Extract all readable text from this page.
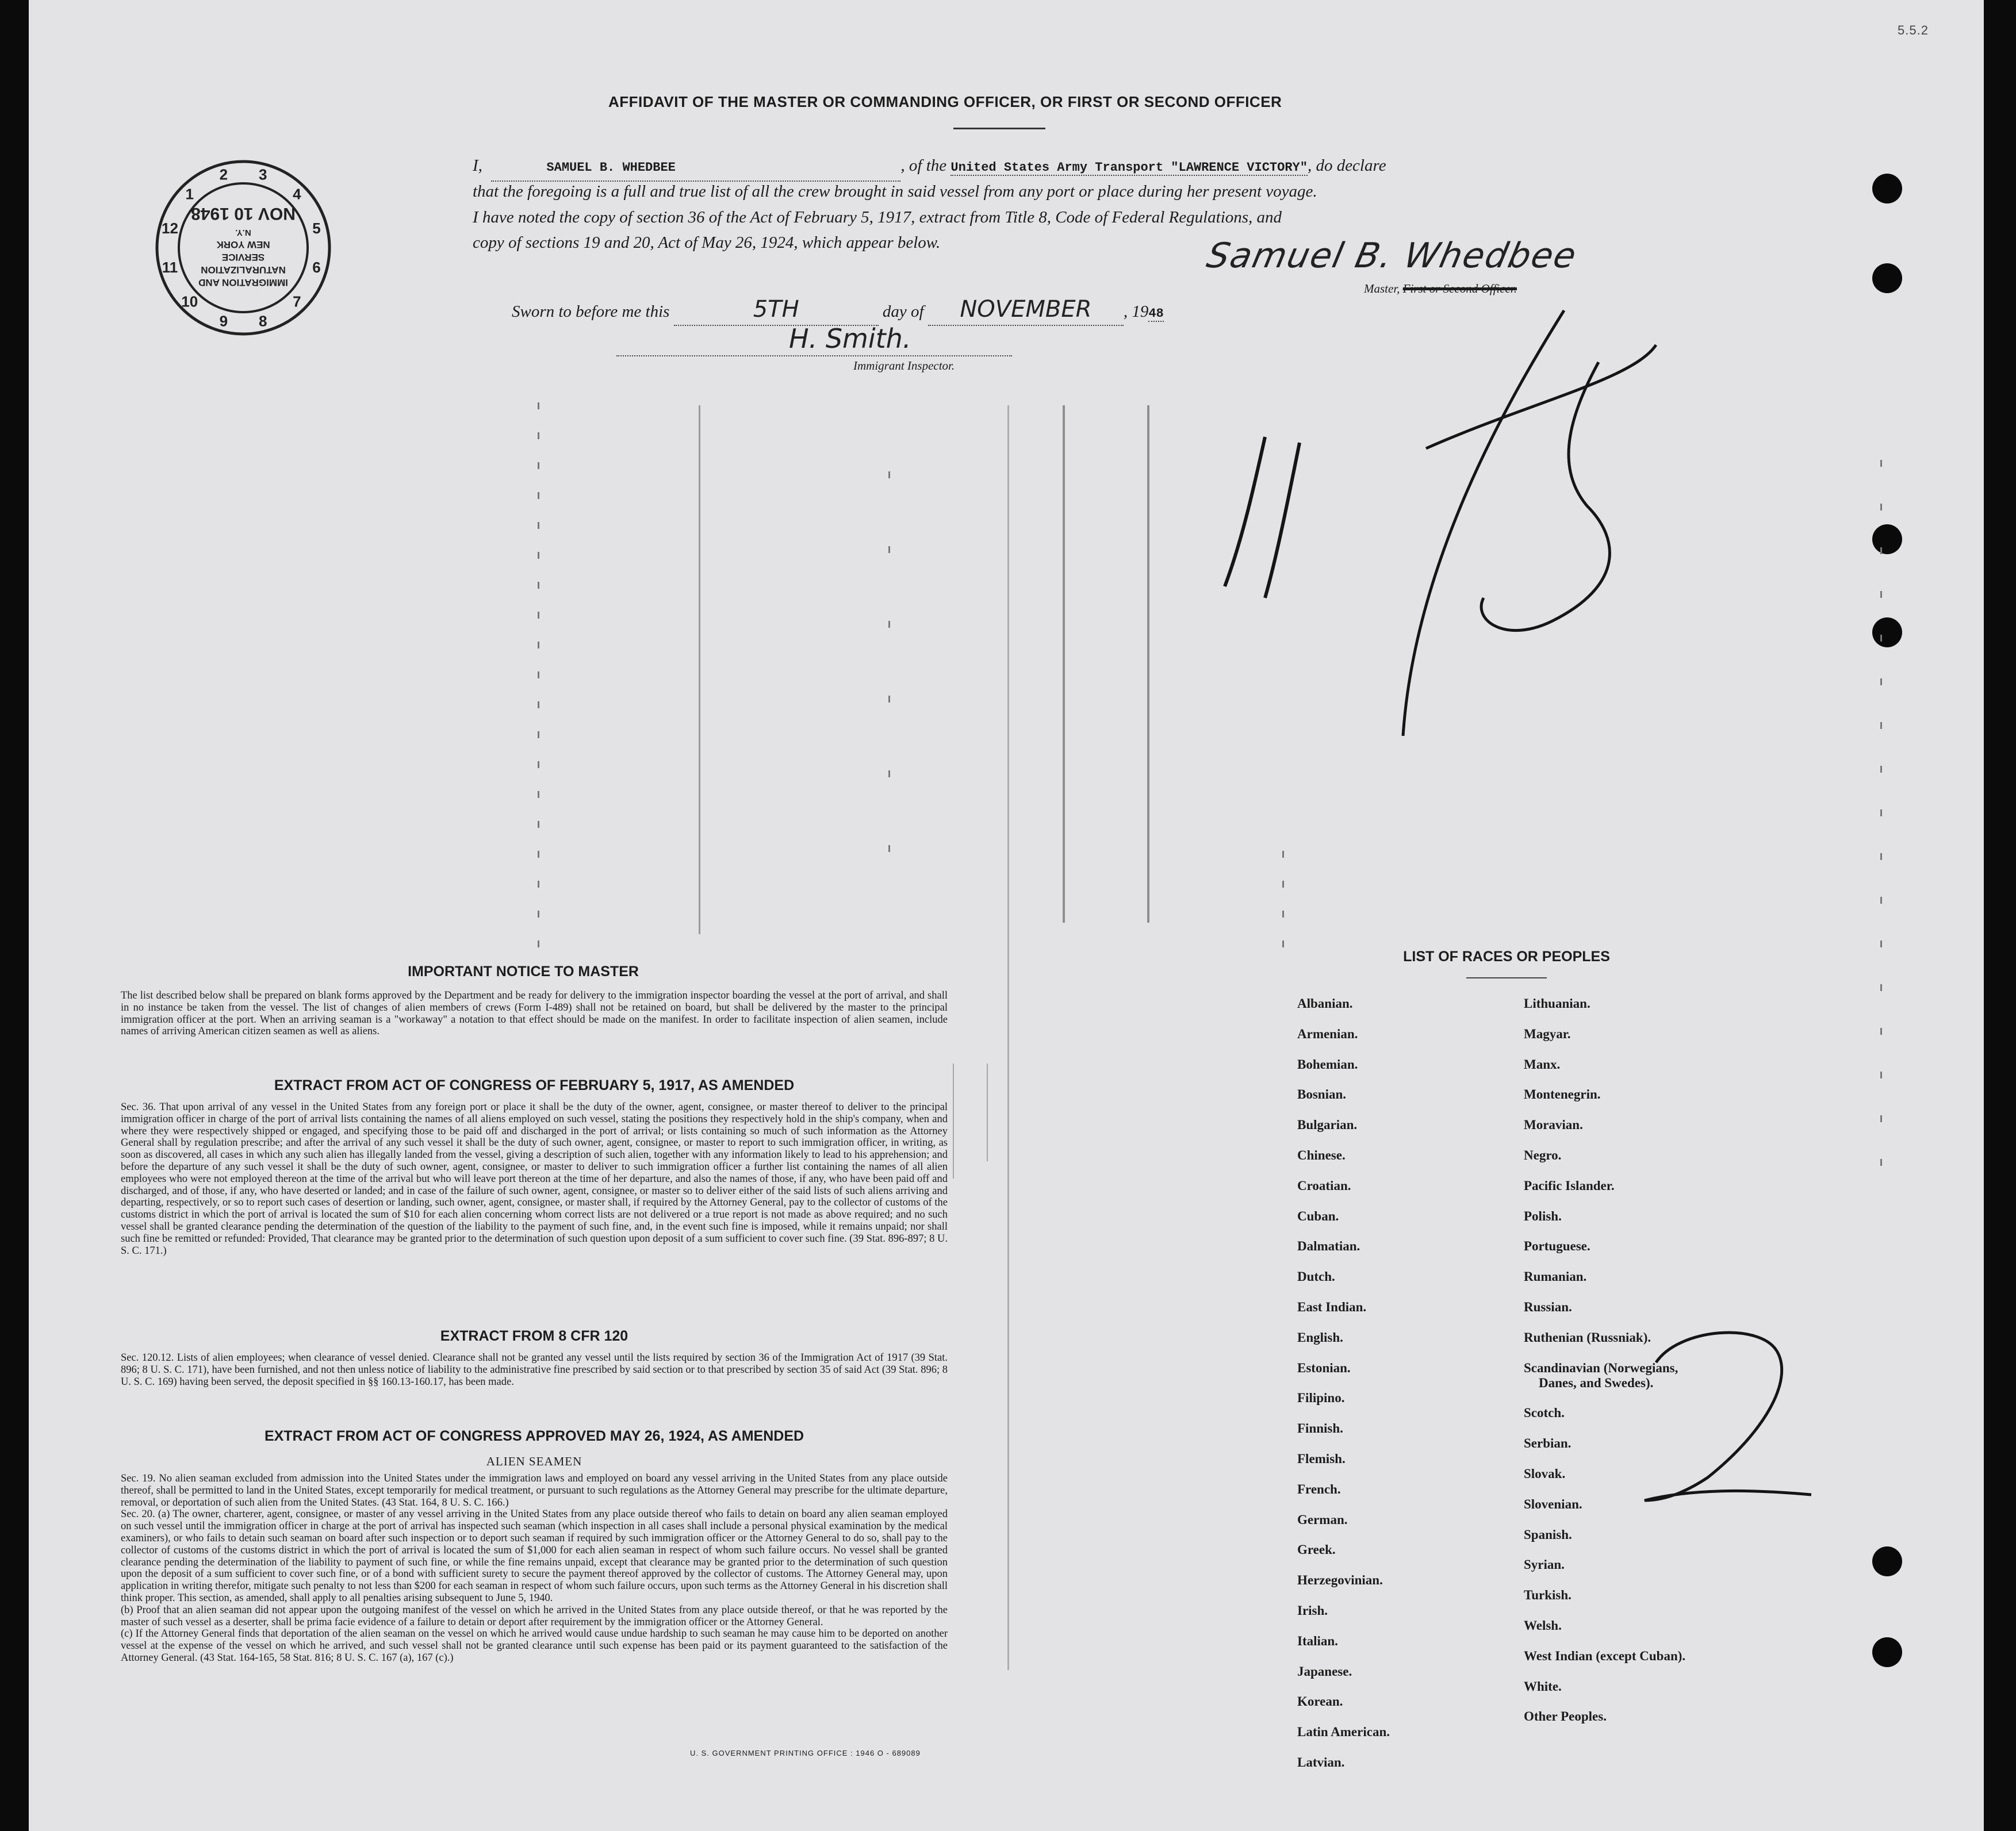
5.5.2
AFFIDAVIT OF THE MASTER OR COMMANDING OFFICER, OR FIRST OR SECOND OFFICER
1
2 3
4
5
6
7
8
9
10
11
12
IMMIGRATION AND
NATURALIZATION
SERVICE
NEW YORK
N.Y.
NOV 10 1948
I,	SAMUEL B. WHEDBEE	, of the United States Army Transport "LAWRENCE VICTORY", do declare
that the foregoing is a full and true list of all the crew brought in said vessel from any port or place during her present voyage.
I have noted the copy of section 36 of the Act of February 5, 1917, extract from Title 8, Code of Federal Regulations, and
copy of sections 19 and 20, Act of May 26, 1924, which appear below.	Samuel B. Whedbee
Master, First or Second Officer.
Sworn to before me this	5TH	day of NOVEMBER , 1948
H. Smith.
Immigrant Inspector.
IMPORTANT NOTICE TO MASTER
The list described below shall be prepared on blank forms approved by the Department and be ready for delivery to the immigration inspector boarding the vessel at the port of arrival, and shall in no instance be taken from the vessel. The list of changes of alien members of crews (Form I-489) shall not be retained on board, but shall be delivered by the master to the principal immigration officer at the port. When an arriving seaman is a "workaway" a notation to that effect should be made on the manifest. In order to facilitate inspection of alien seamen, include names of arriving American citizen seamen as well as aliens.
EXTRACT FROM ACT OF CONGRESS OF FEBRUARY 5, 1917, AS AMENDED
Sec. 36. That upon arrival of any vessel in the United States from any foreign port or place it shall be the duty of the owner, agent, consignee, or master thereof to deliver to the principal immigration officer in charge of the port of arrival lists containing the names of all aliens employed on such vessel, stating the positions they respectively hold in the ship's company, when and where they were respectively shipped or engaged, and specifying those to be paid off and discharged in the port of arrival; or lists containing so much of such information as the Attorney General shall by regulation prescribe; and after the arrival of any such vessel it shall be the duty of such owner, agent, consignee, or master to report to such immigration officer, in writing, as soon as discovered, all cases in which any such alien has illegally landed from the vessel, giving a description of such alien, together with any information likely to lead to his apprehension; and before the departure of any such vessel it shall be the duty of such owner, agent, consignee, or master to deliver to such immigration officer a further list containing the names of all alien employees who were not employed thereon at the time of the arrival but who will leave port thereon at the time of her departure, and also the names of those, if any, who have been paid off and discharged, and of those, if any, who have deserted or landed; and in case of the failure of such owner, agent, consignee, or master so to deliver either of the said lists of such aliens arriving and departing, respectively, or so to report such cases of desertion or landing, such owner, agent, consignee, or master shall, if required by the Attorney General, pay to the collector of customs of the customs district in which the port of arrival is located the sum of $10 for each alien concerning whom correct lists are not delivered or a true report is not made as above required; and no such vessel shall be granted clearance pending the determination of the question of the liability to the payment of such fine, and, in the event such fine is imposed, while it remains unpaid; nor shall such fine be remitted or refunded: Provided, That clearance may be granted prior to the determination of such question upon deposit of a sum sufficient to cover such fine. (39 Stat. 896-897; 8 U. S. C. 171.)
EXTRACT FROM 8 CFR 120
Sec. 120.12. Lists of alien employees; when clearance of vessel denied. Clearance shall not be granted any vessel until the lists required by section 36 of the Immigration Act of 1917 (39 Stat. 896; 8 U. S. C. 171), have been furnished, and not then unless notice of liability to the administrative fine prescribed by said section or to that prescribed by section 35 of said Act (39 Stat. 896; 8 U. S. C. 169) having been served, the deposit specified in §§ 160.13-160.17, has been made.
EXTRACT FROM ACT OF CONGRESS APPROVED MAY 26, 1924, AS AMENDED
ALIEN SEAMEN
Sec. 19. No alien seaman excluded from admission into the United States under the immigration laws and employed on board any vessel arriving in the United States from any place outside thereof, shall be permitted to land in the United States, except temporarily for medical treatment, or pursuant to such regulations as the Attorney General may prescribe for the ultimate departure, removal, or deportation of such alien from the United States. (43 Stat. 164, 8 U. S. C. 166.)
Sec. 20. (a) The owner, charterer, agent, consignee, or master of any vessel arriving in the United States from any place outside thereof who fails to detain on board any alien seaman employed on such vessel until the immigration officer in charge at the port of arrival has inspected such seaman (which inspection in all cases shall include a personal physical examination by the medical examiners), or who fails to detain such seaman on board after such inspection or to deport such seaman if required by such immigration officer or the Attorney General to do so, shall pay to the collector of customs of the customs district in which the port of arrival is located the sum of $1,000 for each alien seaman in respect of whom such failure occurs. No vessel shall be granted clearance pending the determination of the liability to payment of such fine, or while the fine remains unpaid, except that clearance may be granted prior to the determination of such question upon the deposit of a sum sufficient to cover such fine, or of a bond with sufficient surety to secure the payment thereof approved by the collector of customs. The Attorney General may, upon application in writing therefor, mitigate such penalty to not less than $200 for each seaman in respect of whom such failure occurs, upon such terms as the Attorney General in his discretion shall think proper. This section, as amended, shall apply to all penalties arising subsequent to June 5, 1940.
(b) Proof that an alien seaman did not appear upon the outgoing manifest of the vessel on which he arrived in the United States from any place outside thereof, or that he was reported by the master of such vessel as a deserter, shall be prima facie evidence of a failure to detain or deport after requirement by the immigration officer or the Attorney General.
(c) If the Attorney General finds that deportation of the alien seaman on the vessel on which he arrived would cause undue hardship to such seaman he may cause him to be deported on another vessel at the expense of the vessel on which he arrived, and such vessel shall not be granted clearance until such expense has been paid or its payment guaranteed to the satisfaction of the Attorney General. (43 Stat. 164-165, 58 Stat. 816; 8 U. S. C. 167 (a), 167 (c).)
U. S. GOVERNMENT PRINTING OFFICE : 1946 O - 689089
LIST OF RACES OR PEOPLES
Albanian.
Armenian.
Bohemian.
Bosnian.
Bulgarian.
Chinese.
Croatian.
Cuban.
Dalmatian.
Dutch.
East Indian.
English.
Estonian.
Filipino.
Finnish.
Flemish.
French.
German.
Greek.
Herzegovinian.
Irish.
Italian.
Japanese.
Korean.
Latin American.
Latvian.
Lithuanian.
Magyar.
Manx.
Montenegrin.
Moravian.
Negro.
Pacific Islander.
Polish.
Portuguese.
Rumanian.
Russian.
Ruthenian (Russniak).
Scandinavian (Norwegians,
Danes, and Swedes).
Scotch.
Serbian.
Slovak.
Slovenian.
Spanish.
Syrian.
Turkish.
Welsh.
West Indian (except Cuban).
White.
Other Peoples.
